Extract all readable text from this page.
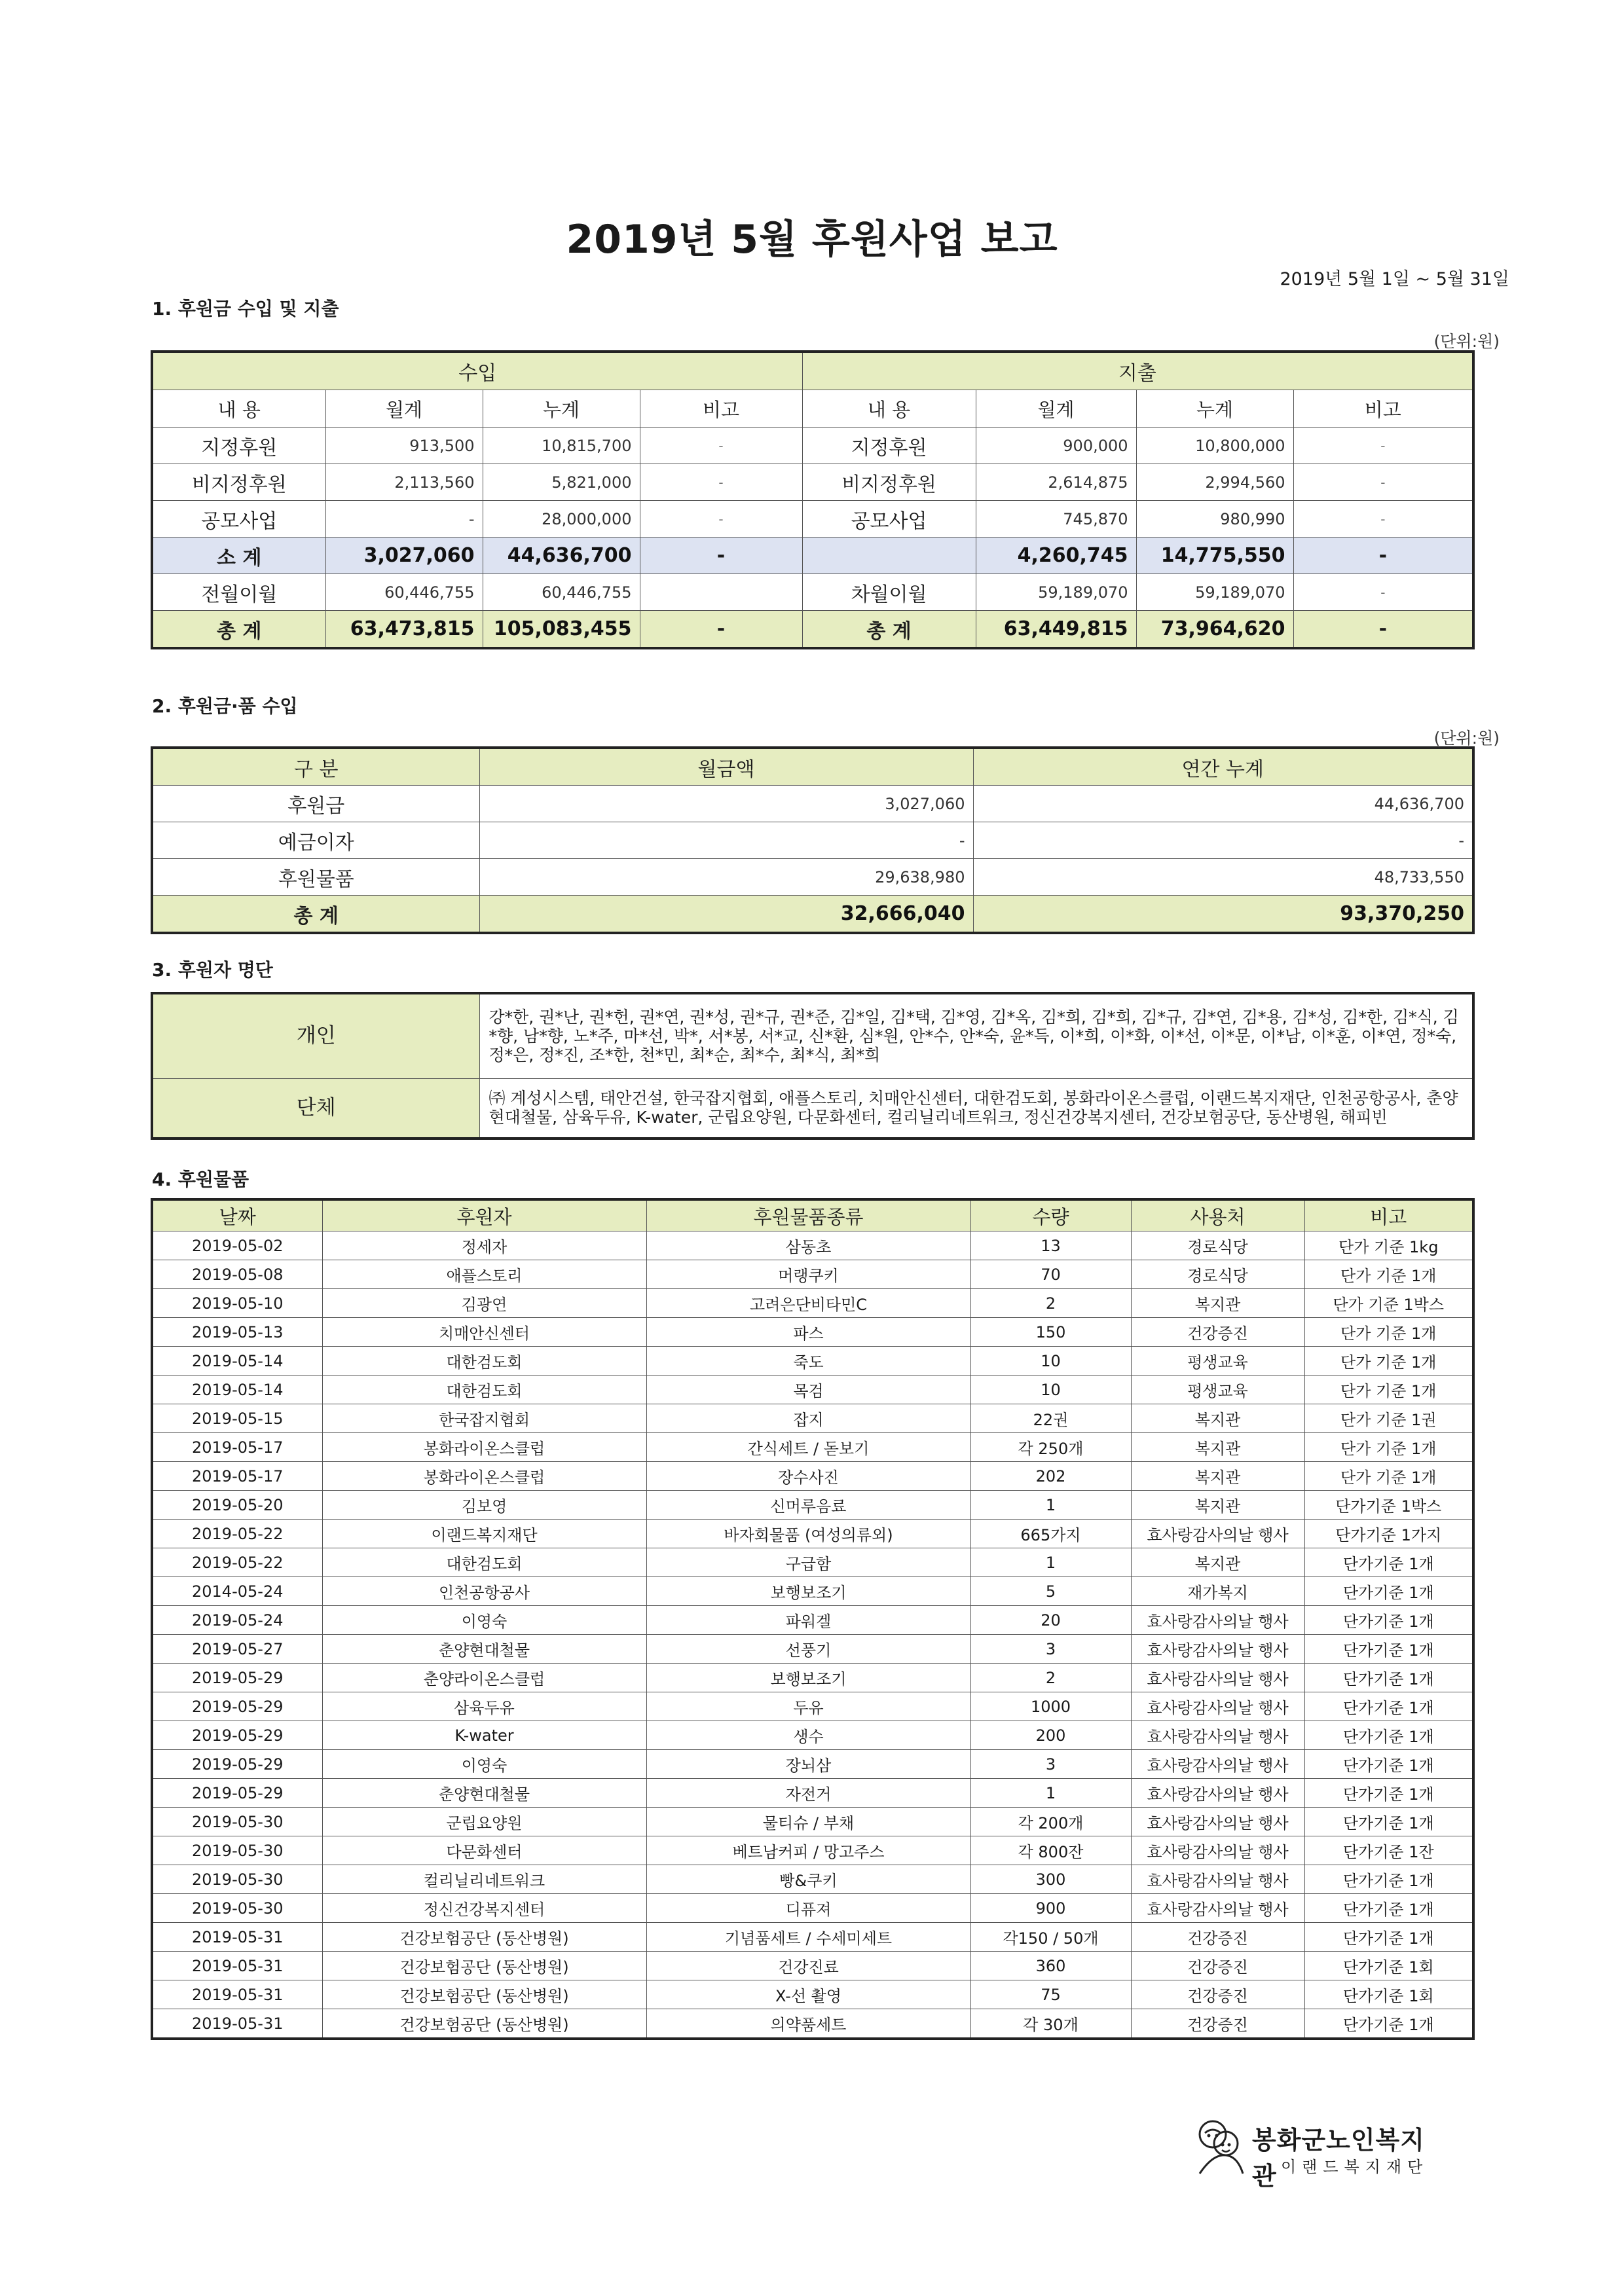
2019년 5월 후원사업 보고
2019년 5월 1일 ~ 5월 31일
1. 후원금 수입 및 지출
(단위:원)
수입				지출			
내 용	월계	누계	비고	내 용	월계	누계	비고
지정후원	913,500	10,815,700	-	지정후원	900,000	10,800,000	-
비지정후원	2,113,560	5,821,000	-	비지정후원	2,614,875	2,994,560	-
공모사업	-	28,000,000	-	공모사업	745,870	980,990	-
소 계	3,027,060	44,636,700	-		4,260,745	14,775,550	-
전월이월	60,446,755	60,446,755		차월이월	59,189,070	59,189,070	-
총 계	63,473,815	105,083,455	-	총 계	63,449,815	73,964,620	-
2. 후원금·품 수입
(단위:원)
구 분	월금액	연간 누계
후원금	3,027,060	44,636,700
예금이자	-	-
후원물품	29,638,980	48,733,550
총 계	32,666,040	93,370,250
3. 후원자 명단
개인	강*한, 권*난, 권*헌, 권*연, 권*성, 권*규, 권*준, 김*일, 김*택, 김*영, 김*옥, 김*희, 김*희, 김*규, 김*연, 김*용, 김*성, 김*한, 김*식, 김*향, 남*향, 노*주, 마*선, 박*, 서*봉, 서*교, 신*환, 심*원, 안*수, 안*숙, 윤*득, 이*희, 이*화, 이*선, 이*문, 이*남, 이*훈, 이*연, 정*숙, 정*은, 정*진, 조*한, 천*민, 최*순, 최*수, 최*식, 최*희
단체	㈜ 계성시스템, 태안건설, 한국잡지협회, 애플스토리, 치매안신센터, 대한검도회, 봉화라이온스클럽, 이랜드복지재단, 인천공항공사, 춘양현대철물, 삼육두유, K-water, 군립요양원, 다문화센터, 컬리닐리네트워크, 정신건강복지센터, 건강보험공단, 동산병원, 해피빈
4. 후원물품
날짜	후원자	후원물품종류	수량	사용처	비고
2019-05-02	정세자	삼동초	13	경로식당	단가 기준 1kg
2019-05-08	애플스토리	머랭쿠키	70	경로식당	단가 기준 1개
2019-05-10	김광연	고려은단비타민C	2	복지관	단가 기준 1박스
2019-05-13	치매안신센터	파스	150	건강증진	단가 기준 1개
2019-05-14	대한검도회	죽도	10	평생교육	단가 기준 1개
2019-05-14	대한검도회	목검	10	평생교육	단가 기준 1개
2019-05-15	한국잡지협회	잡지	22권	복지관	단가 기준 1권
2019-05-17	봉화라이온스클럽	간식세트 / 돋보기	각 250개	복지관	단가 기준 1개
2019-05-17	봉화라이온스클럽	장수사진	202	복지관	단가 기준 1개
2019-05-20	김보영	신머루음료	1	복지관	단가기준 1박스
2019-05-22	이랜드복지재단	바자회물품 (여성의류외)	665가지	효사랑감사의날 행사	단가기준 1가지
2019-05-22	대한검도회	구급함	1	복지관	단가기준 1개
2014-05-24	인천공항공사	보행보조기	5	재가복지	단가기준 1개
2019-05-24	이영숙	파워겔	20	효사랑감사의날 행사	단가기준 1개
2019-05-27	춘양현대철물	선풍기	3	효사랑감사의날 행사	단가기준 1개
2019-05-29	춘양라이온스클럽	보행보조기	2	효사랑감사의날 행사	단가기준 1개
2019-05-29	삼육두유	두유	1000	효사랑감사의날 행사	단가기준 1개
2019-05-29	K-water	생수	200	효사랑감사의날 행사	단가기준 1개
2019-05-29	이영숙	장뇌삼	3	효사랑감사의날 행사	단가기준 1개
2019-05-29	춘양현대철물	자전거	1	효사랑감사의날 행사	단가기준 1개
2019-05-30	군립요양원	물티슈 / 부채	각 200개	효사랑감사의날 행사	단가기준 1개
2019-05-30	다문화센터	베트남커피 / 망고주스	각 800잔	효사랑감사의날 행사	단가기준 1잔
2019-05-30	컬리닐리네트워크	빵&쿠키	300	효사랑감사의날 행사	단가기준 1개
2019-05-30	정신건강복지센터	디퓨져	900	효사랑감사의날 행사	단가기준 1개
2019-05-31	건강보험공단 (동산병원)	기념품세트 / 수세미세트	각150 / 50개	건강증진	단가기준 1개
2019-05-31	건강보험공단 (동산병원)	건강진료	360	건강증진	단가기준 1회
2019-05-31	건강보험공단 (동산병원)	X-선 촬영	75	건강증진	단가기준 1회
2019-05-31	건강보험공단 (동산병원)	의약품세트	각 30개	건강증진	단가기준 1개
봉화군노인복지관 이랜드복지재단
